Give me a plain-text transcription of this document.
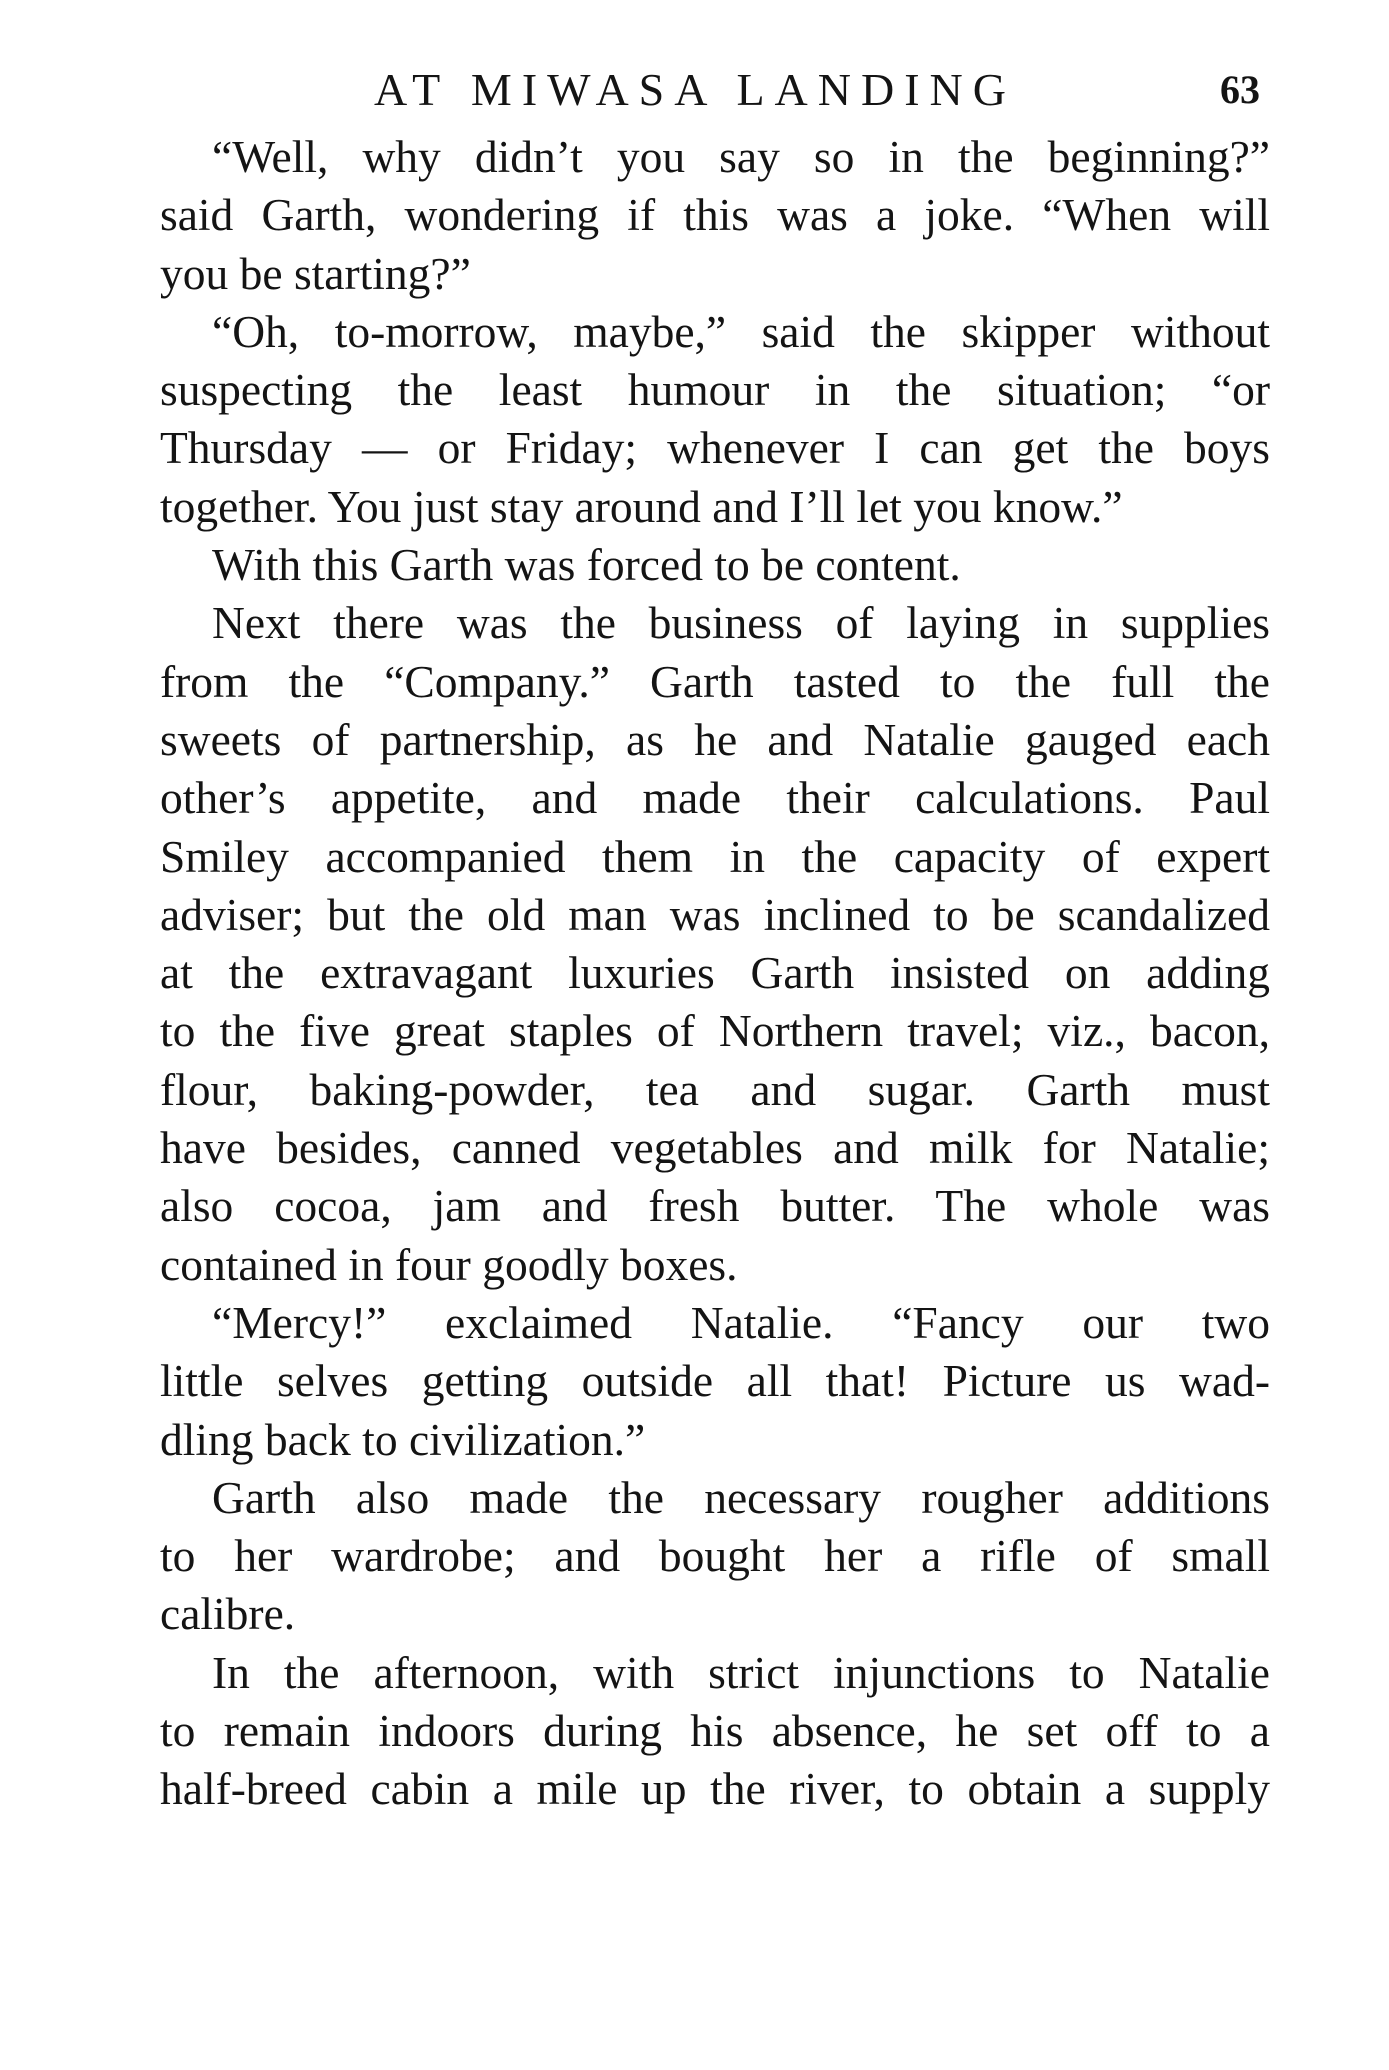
AT MIWASA LANDING	63

“Well, why didn’t you say so in the beginning?”
said Garth, wondering if this was a joke. “When will
you be starting?”

“Oh, to-morrow, maybe,” said the skipper without
suspecting the least humour in the situation; “or
Thursday — or Friday; whenever I can get the boys
together. You just stay around and I’ll let you know.”

With this Garth was forced to be content.

Next there was the business of laying in supplies
from the “Company.” Garth tasted to the full the
sweets of partnership, as he and Natalie gauged each
other’s appetite, and made their calculations. Paul
Smiley accompanied them in the capacity of expert
adviser; but the old man was inclined to be scandalized
at the extravagant luxuries Garth insisted on adding
to the five great staples of Northern travel; viz., bacon,
flour, baking-powder, tea and sugar. Garth must
have besides, canned vegetables and milk for Natalie;
also cocoa, jam and fresh butter. The whole was
contained in four goodly boxes.

“Mercy!” exclaimed Natalie. “Fancy our two
little selves getting outside all that! Picture us wad-
dling back to civilization.”

Garth also made the necessary rougher additions
to her wardrobe; and bought her a rifle of small
calibre.

In the afternoon, with strict injunctions to Natalie
to remain indoors during his absence, he set off to a
half-breed cabin a mile up the river, to obtain a supply
